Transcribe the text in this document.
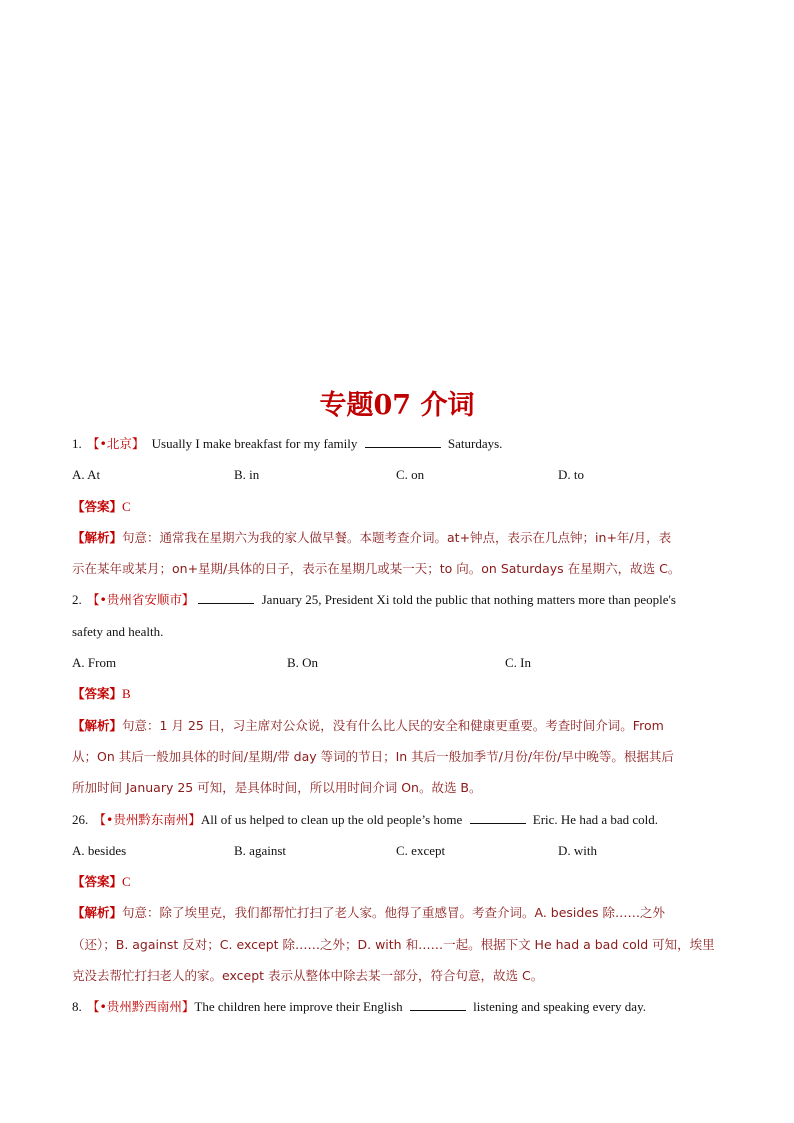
专题07 介词

1. 【•北京】 Usually I make breakfast for my family	Saturdays.

A. At	B. in	C. on	D. to

【答案】C

【解析】句意：通常我在星期六为我的家人做早餐。本题考查介词。at+钟点，表示在几点钟；in+年/月，表

示在某年或某月；on+星期/具体的日子，表示在星期几或某一天；to 向。on Saturdays 在星期六，故选 C。

2. 【•贵州省安顺市】	January 25, President Xi told the public that nothing matters more than people's

safety and health.

A. From	B. On	C. In

【答案】B

【解析】句意：1 月 25 日，习主席对公众说，没有什么比人民的安全和健康更重要。考查时间介词。From

从；On 其后一般加具体的时间/星期/带 day 等词的节日；In 其后一般加季节/月份/年份/早中晚等。根据其后

所加时间 January 25 可知，是具体时间，所以用时间介词 On。故选 B。

26. 【•贵州黔东南州】All of us helped to clean up the old people’s home	Eric. He had a bad cold.

A. besides	B. against	C. except	D. with

【答案】C

【解析】句意：除了埃里克，我们都帮忙打扫了老人家。他得了重感冒。考查介词。A. besides 除……之外

（还）；B. against 反对；C. except 除……之外；D. with 和……一起。根据下文 He had a bad cold 可知，埃里

克没去帮忙打扫老人的家。except 表示从整体中除去某一部分，符合句意，故选 C。

8. 【•贵州黔西南州】The children here improve their English	listening and speaking every day.
